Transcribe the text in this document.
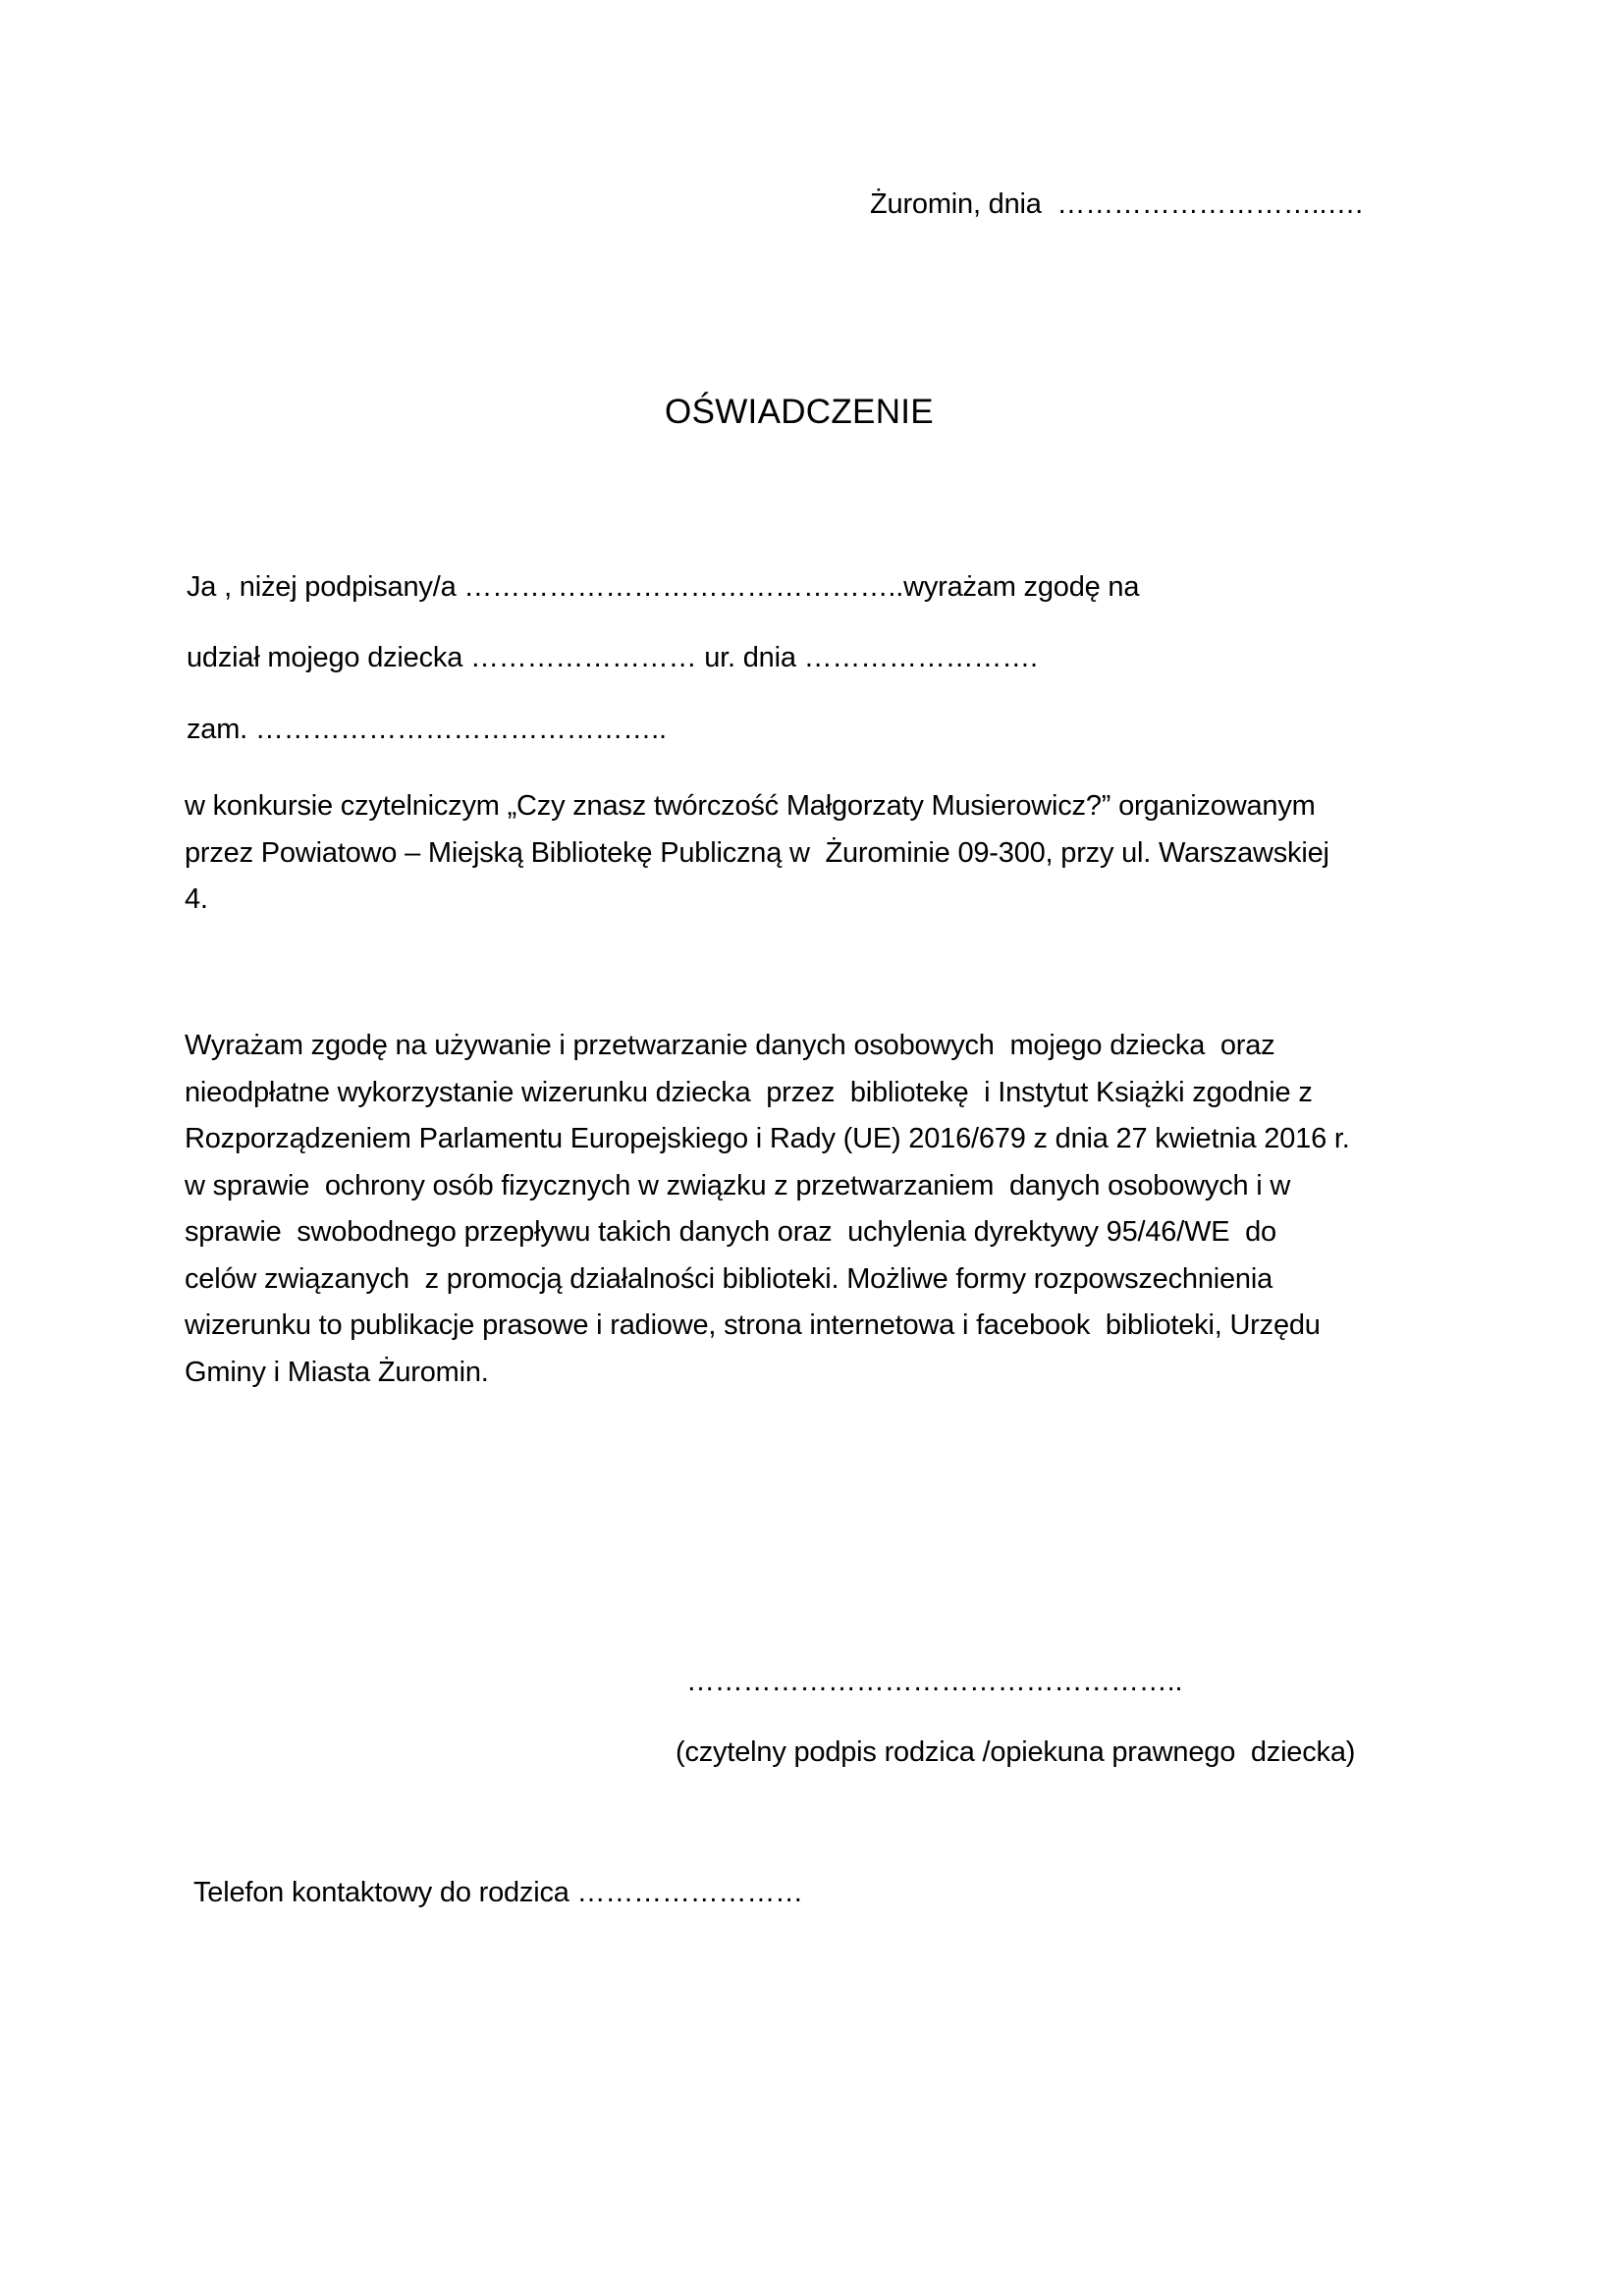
Żuromin, dnia  ………………………..….
OŚWIADCZENIE
Ja , niżej podpisany/a ………………………………………..wyrażam zgodę na
udział mojego dziecka …………………… ur. dnia …………………….
zam. ……………………………………..
w konkursie czytelniczym „Czy znasz twórczość Małgorzaty Musierowicz?” organizowanym
przez Powiatowo – Miejską Bibliotekę Publiczną w  Żurominie 09-300, przy ul. Warszawskiej
4.
Wyrażam zgodę na używanie i przetwarzanie danych osobowych  mojego dziecka  oraz
nieodpłatne wykorzystanie wizerunku dziecka  przez  bibliotekę  i Instytut Książki zgodnie z
Rozporządzeniem Parlamentu Europejskiego i Rady (UE) 2016/679 z dnia 27 kwietnia 2016 r.
w sprawie  ochrony osób fizycznych w związku z przetwarzaniem  danych osobowych i w
sprawie  swobodnego przepływu takich danych oraz  uchylenia dyrektywy 95/46/WE  do
celów związanych  z promocją działalności biblioteki. Możliwe formy rozpowszechnienia
wizerunku to publikacje prasowe i radiowe, strona internetowa i facebook  biblioteki, Urzędu
Gminy i Miasta Żuromin.
……………………………………………..
(czytelny podpis rodzica /opiekuna prawnego  dziecka)
Telefon kontaktowy do rodzica ……………………
